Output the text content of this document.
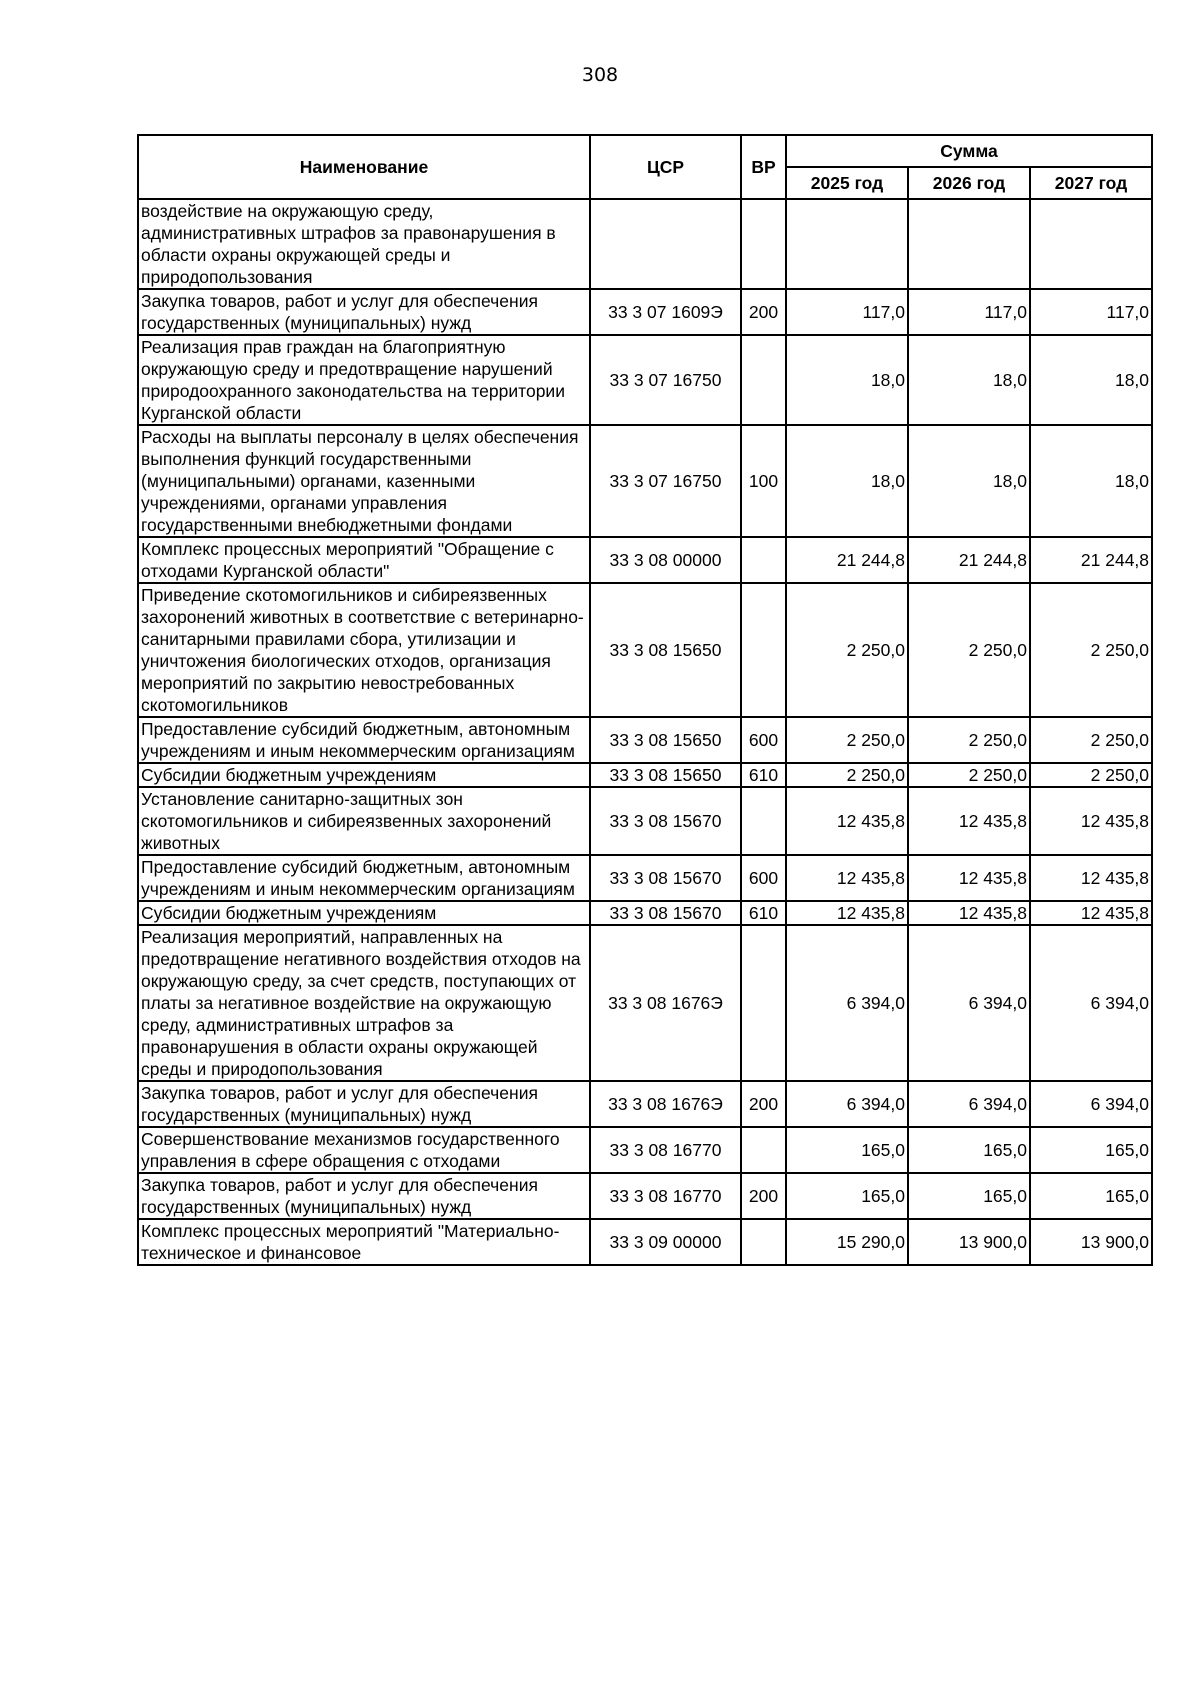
308
Наименование	ЦСР	ВР	Сумма		
			2025 год	2026 год	2027 год
воздействие на окружающую среду, административных штрафов за правонарушения в области охраны окружающей среды и природопользования					
Закупка товаров, работ и услуг для обеспечения государственных (муниципальных) нужд	33 3 07 1609Э	200	117,0	117,0	117,0
Реализация прав граждан на благоприятную окружающую среду и предотвращение нарушений природоохранного законодательства на территории Курганской области	33 3 07 16750		18,0	18,0	18,0
Расходы на выплаты персоналу в целях обеспечения выполнения функций государственными (муниципальными) органами, казенными учреждениями, органами управления государственными внебюджетными фондами	33 3 07 16750	100	18,0	18,0	18,0
Комплекс процессных мероприятий "Обращение с отходами Курганской области"	33 3 08 00000		21 244,8	21 244,8	21 244,8
Приведение скотомогильников и сибиреязвенных захоронений животных в соответствие с ветеринарно-санитарными правилами сбора, утилизации и уничтожения биологических отходов, организация мероприятий по закрытию невостребованных скотомогильников	33 3 08 15650		2 250,0	2 250,0	2 250,0
Предоставление субсидий бюджетным, автономным учреждениям и иным некоммерческим организациям	33 3 08 15650	600	2 250,0	2 250,0	2 250,0
Субсидии бюджетным учреждениям	33 3 08 15650	610	2 250,0	2 250,0	2 250,0
Установление санитарно-защитных зон скотомогильников и сибиреязвенных захоронений животных	33 3 08 15670		12 435,8	12 435,8	12 435,8
Предоставление субсидий бюджетным, автономным учреждениям и иным некоммерческим организациям	33 3 08 15670	600	12 435,8	12 435,8	12 435,8
Субсидии бюджетным учреждениям	33 3 08 15670	610	12 435,8	12 435,8	12 435,8
Реализация мероприятий, направленных на предотвращение негативного воздействия отходов на окружающую среду, за счет средств, поступающих от платы за негативное воздействие на окружающую среду, административных штрафов за правонарушения в области охраны окружающей среды и природопользования	33 3 08 1676Э		6 394,0	6 394,0	6 394,0
Закупка товаров, работ и услуг для обеспечения государственных (муниципальных) нужд	33 3 08 1676Э	200	6 394,0	6 394,0	6 394,0
Совершенствование механизмов государственного управления в сфере обращения с отходами	33 3 08 16770		165,0	165,0	165,0
Закупка товаров, работ и услуг для обеспечения государственных (муниципальных) нужд	33 3 08 16770	200	165,0	165,0	165,0
Комплекс процессных мероприятий "Материально-техническое и финансовое	33 3 09 00000		15 290,0	13 900,0	13 900,0
